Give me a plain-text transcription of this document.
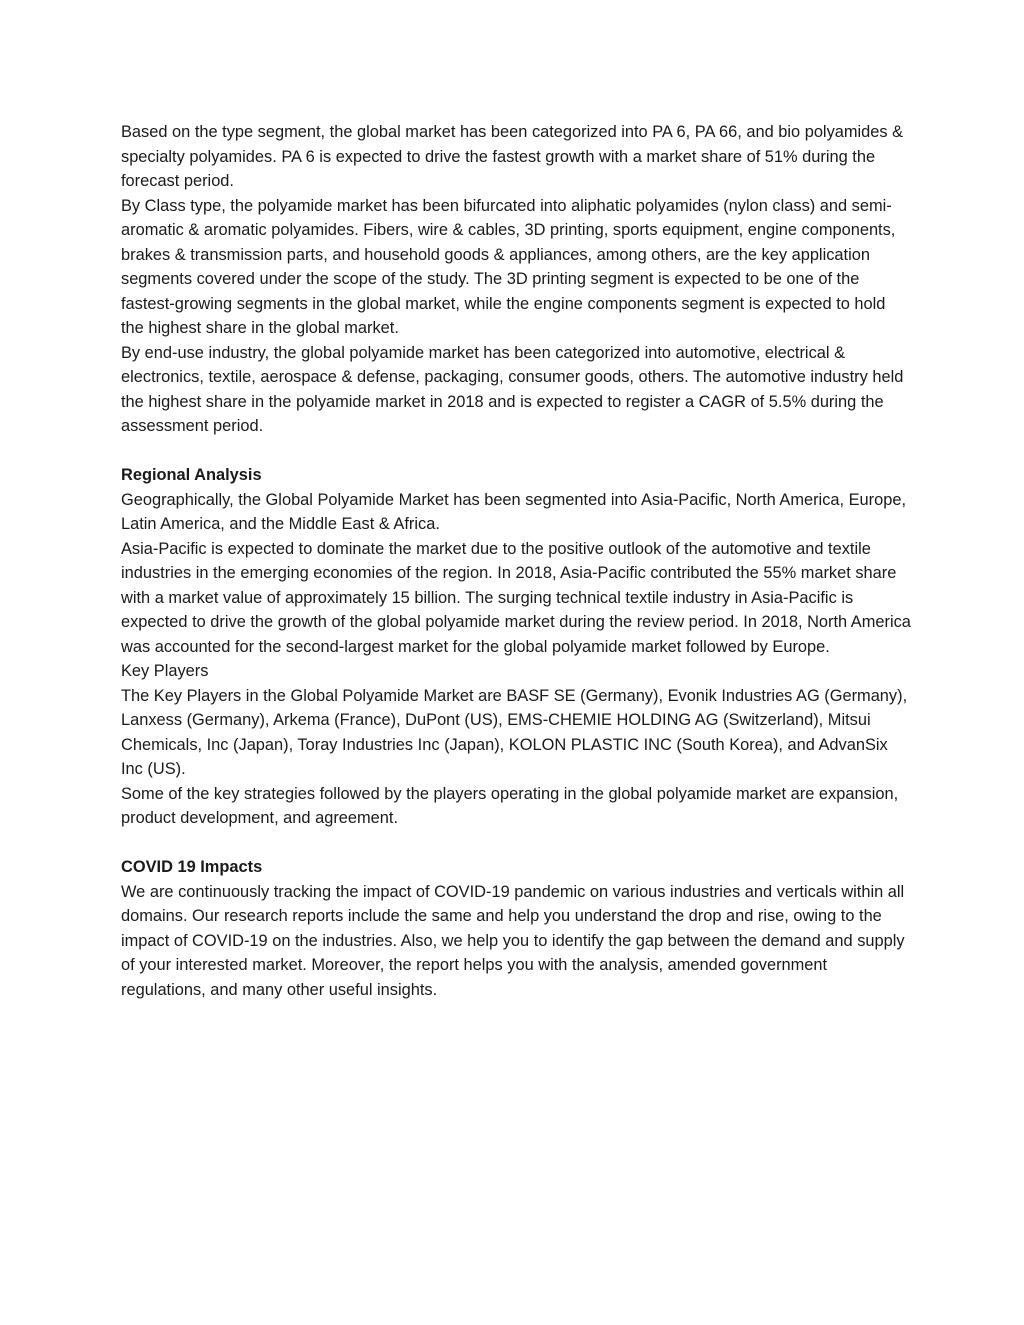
Based on the type segment, the global market has been categorized into PA 6, PA 66, and bio polyamides & specialty polyamides. PA 6 is expected to drive the fastest growth with a market share of 51% during the forecast period.

By Class type, the polyamide market has been bifurcated into aliphatic polyamides (nylon class) and semi-aromatic & aromatic polyamides. Fibers, wire & cables, 3D printing, sports equipment, engine components, brakes & transmission parts, and household goods & appliances, among others, are the key application segments covered under the scope of the study. The 3D printing segment is expected to be one of the fastest-growing segments in the global market, while the engine components segment is expected to hold the highest share in the global market.

By end-use industry, the global polyamide market has been categorized into automotive, electrical & electronics, textile, aerospace & defense, packaging, consumer goods, others. The automotive industry held the highest share in the polyamide market in 2018 and is expected to register a CAGR of 5.5% during the assessment period.

Regional Analysis

Geographically, the Global Polyamide Market has been segmented into Asia-Pacific, North America, Europe, Latin America, and the Middle East & Africa.

Asia-Pacific is expected to dominate the market due to the positive outlook of the automotive and textile industries in the emerging economies of the region. In 2018, Asia-Pacific contributed the 55% market share with a market value of approximately 15 billion. The surging technical textile industry in Asia-Pacific is expected to drive the growth of the global polyamide market during the review period. In 2018, North America was accounted for the second-largest market for the global polyamide market followed by Europe.

Key Players

The Key Players in the Global Polyamide Market are BASF SE (Germany), Evonik Industries AG (Germany), Lanxess (Germany), Arkema (France), DuPont (US), EMS-CHEMIE HOLDING AG (Switzerland), Mitsui Chemicals, Inc (Japan), Toray Industries Inc (Japan), KOLON PLASTIC INC (South Korea), and AdvanSix Inc (US).

Some of the key strategies followed by the players operating in the global polyamide market are expansion, product development, and agreement.

COVID 19 Impacts

We are continuously tracking the impact of COVID-19 pandemic on various industries and verticals within all domains. Our research reports include the same and help you understand the drop and rise, owing to the impact of COVID-19 on the industries. Also, we help you to identify the gap between the demand and supply of your interested market. Moreover, the report helps you with the analysis, amended government regulations, and many other useful insights.
